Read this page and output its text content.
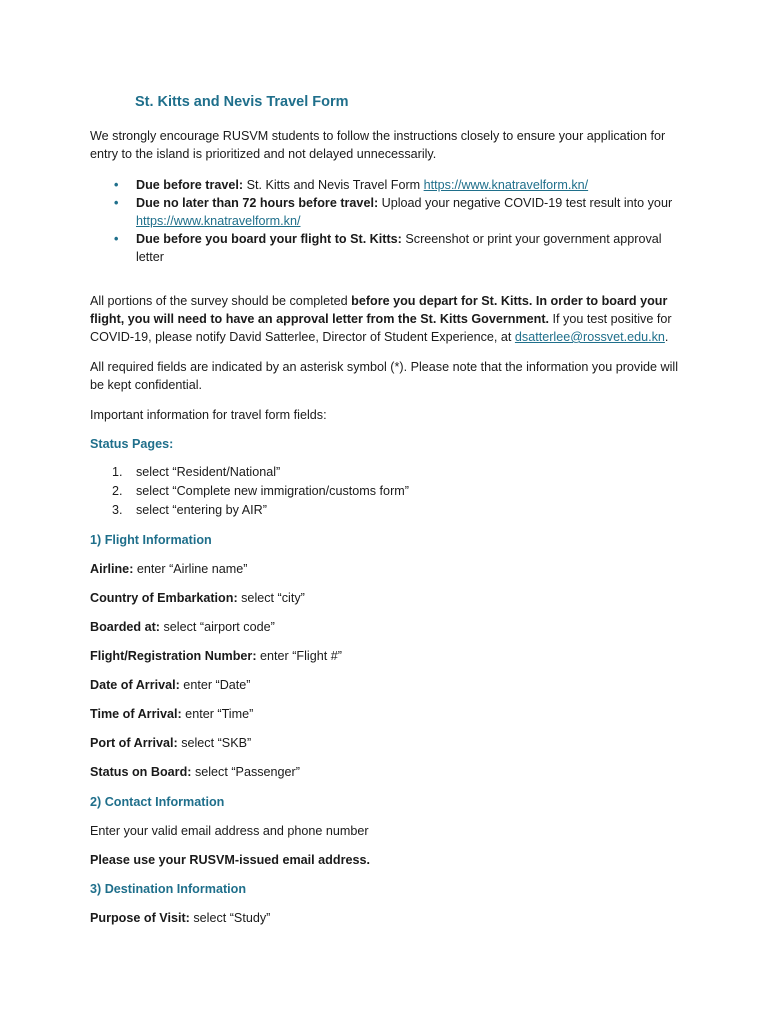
St. Kitts and Nevis Travel Form

We strongly encourage RUSVM students to follow the instructions closely to ensure your application for entry to the island is prioritized and not delayed unnecessarily.

• Due before travel: St. Kitts and Nevis Travel Form https://www.knatravelform.kn/
• Due no later than 72 hours before travel: Upload your negative COVID-19 test result into your https://www.knatravelform.kn/
• Due before you board your flight to St. Kitts: Screenshot or print your government approval letter

All portions of the survey should be completed before you depart for St. Kitts. In order to board your flight, you will need to have an approval letter from the St. Kitts Government. If you test positive for COVID-19, please notify David Satterlee, Director of Student Experience, at dsatterlee@rossvet.edu.kn.

All required fields are indicated by an asterisk symbol (*). Please note that the information you provide will be kept confidential.

Important information for travel form fields:

Status Pages:

1. select “Resident/National”
2. select “Complete new immigration/customs form”
3. select “entering by AIR”

1) Flight Information

Airline: enter “Airline name”

Country of Embarkation: select “city”

Boarded at: select “airport code”

Flight/Registration Number: enter “Flight #”

Date of Arrival: enter “Date”

Time of Arrival: enter “Time”

Port of Arrival: select “SKB”

Status on Board: select “Passenger”

2) Contact Information

Enter your valid email address and phone number

Please use your RUSVM-issued email address.

3) Destination Information

Purpose of Visit: select “Study”
